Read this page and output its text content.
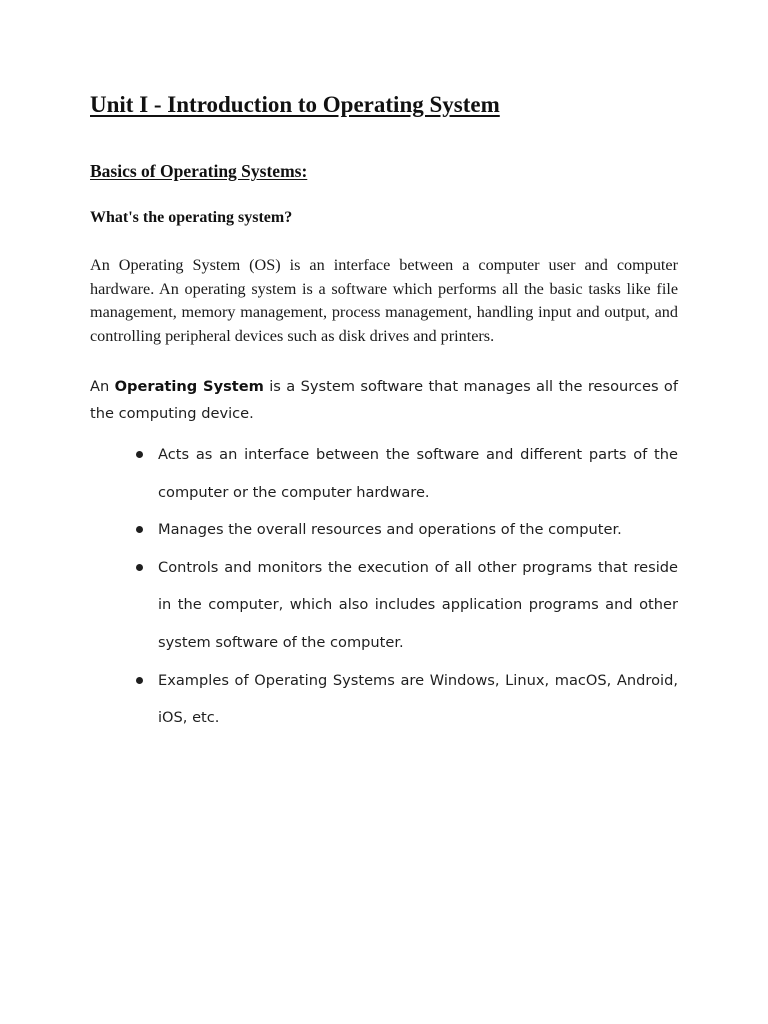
Unit I - Introduction to Operating System
Basics of Operating Systems:
What's the operating system?

An Operating System (OS) is an interface between a computer user and computer hardware. An operating system is a software which performs all the basic tasks like file management, memory management, process management, handling input and output, and controlling peripheral devices such as disk drives and printers.

An Operating System is a System software that manages all the resources of the computing device.

Acts as an interface between the software and different parts of the computer or the computer hardware.
Manages the overall resources and operations of the computer.
Controls and monitors the execution of all other programs that reside in the computer, which also includes application programs and other system software of the computer.
Examples of Operating Systems are Windows, Linux, macOS, Android, iOS, etc.
